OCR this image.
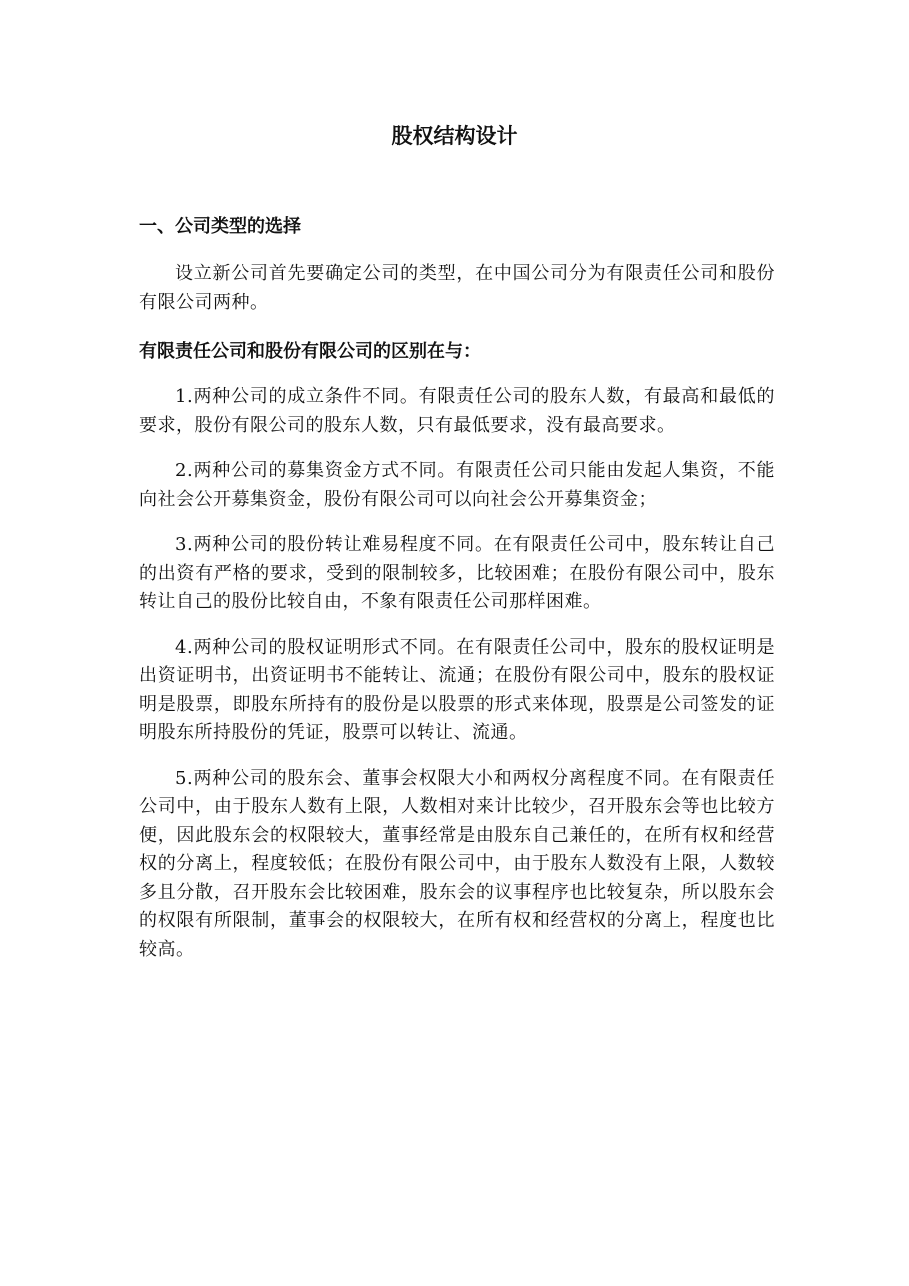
股权结构设计

一、公司类型的选择

设立新公司首先要确定公司的类型，在中国公司分为有限责任公司和股份有限公司两种。

有限责任公司和股份有限公司的区别在与：

1.两种公司的成立条件不同。有限责任公司的股东人数，有最高和最低的要求，股份有限公司的股东人数，只有最低要求，没有最高要求。

2.两种公司的募集资金方式不同。有限责任公司只能由发起人集资，不能向社会公开募集资金，股份有限公司可以向社会公开募集资金；

3.两种公司的股份转让难易程度不同。在有限责任公司中，股东转让自己的出资有严格的要求，受到的限制较多，比较困难；在股份有限公司中，股东转让自己的股份比较自由，不象有限责任公司那样困难。

4.两种公司的股权证明形式不同。在有限责任公司中，股东的股权证明是出资证明书，出资证明书不能转让、流通；在股份有限公司中，股东的股权证明是股票，即股东所持有的股份是以股票的形式来体现，股票是公司签发的证明股东所持股份的凭证，股票可以转让、流通。

5.两种公司的股东会、董事会权限大小和两权分离程度不同。在有限责任公司中，由于股东人数有上限，人数相对来计比较少，召开股东会等也比较方便，因此股东会的权限较大，董事经常是由股东自己兼任的，在所有权和经营权的分离上，程度较低；在股份有限公司中，由于股东人数没有上限，人数较多且分散，召开股东会比较困难，股东会的议事程序也比较复杂，所以股东会的权限有所限制，董事会的权限较大，在所有权和经营权的分离上，程度也比较高。
